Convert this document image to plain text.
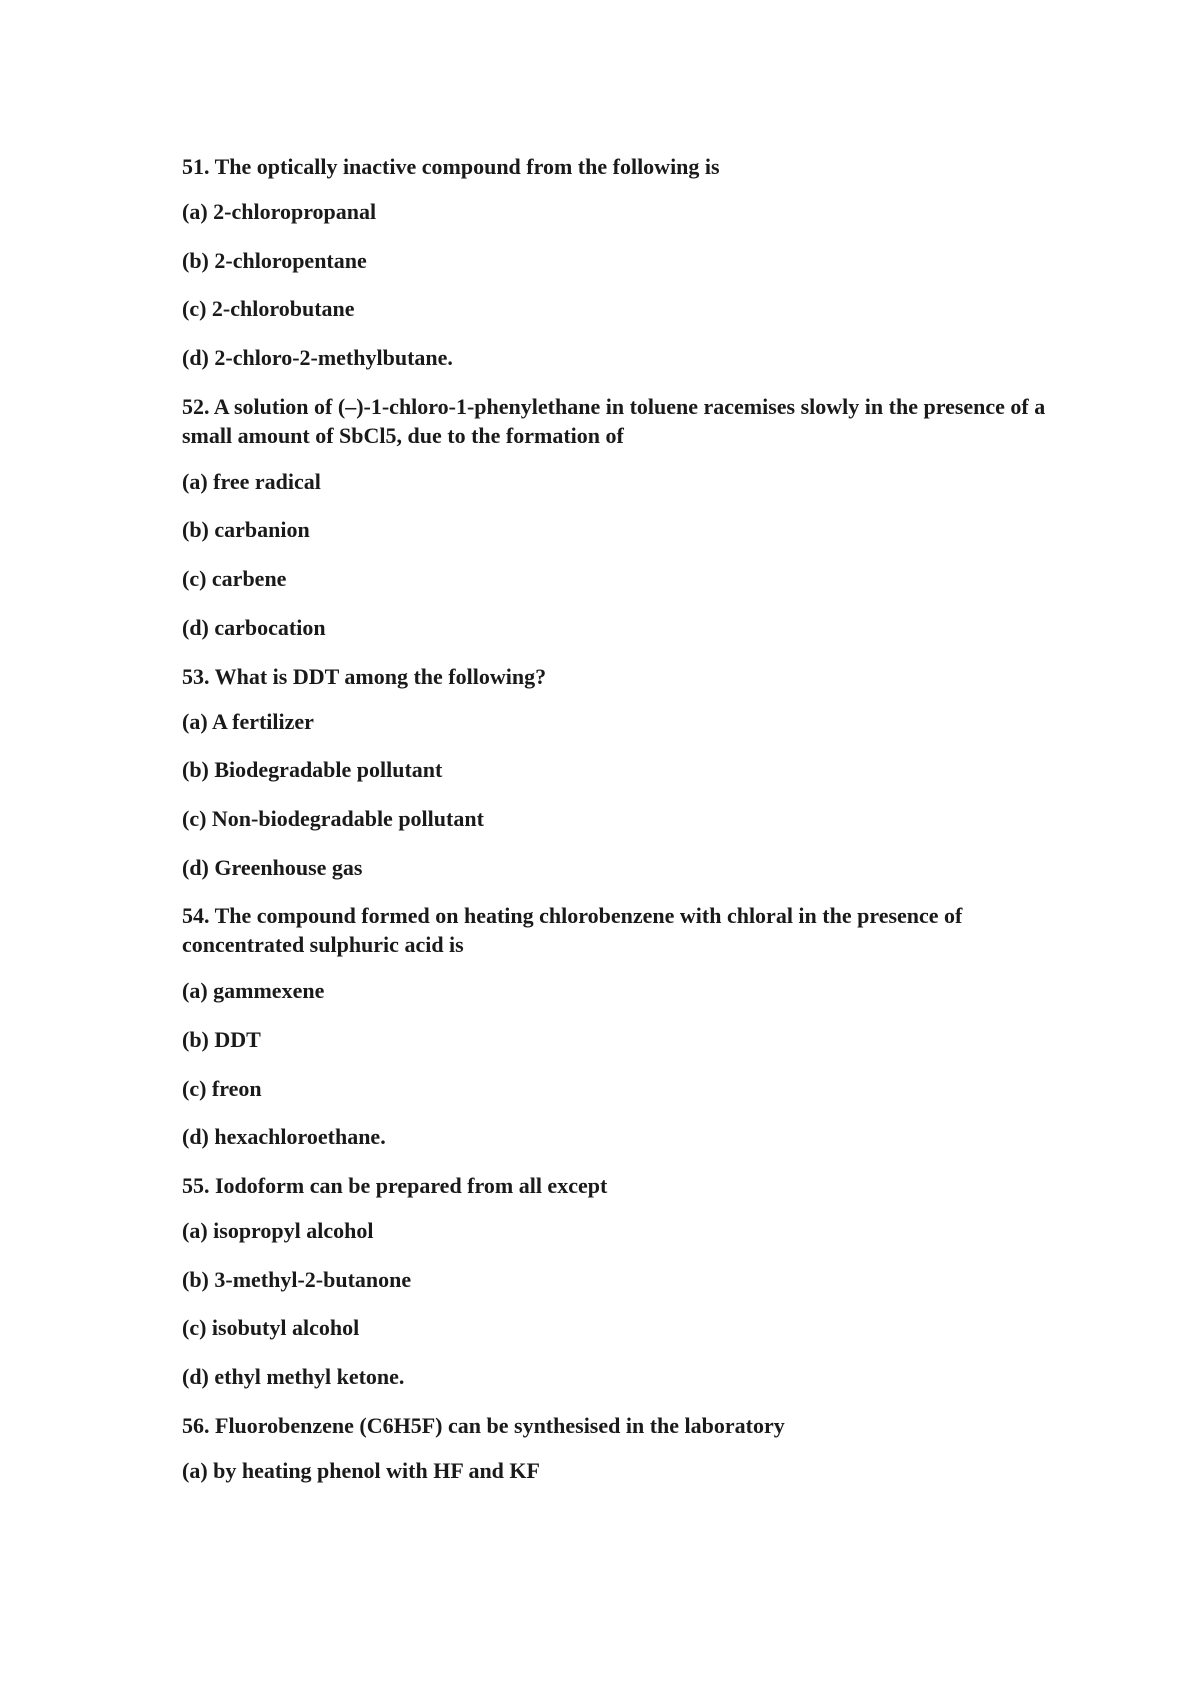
51. The optically inactive compound from the following is

(a) 2-chloropropanal

(b) 2-chloropentane

(c) 2-chlorobutane

(d) 2-chloro-2-methylbutane.

52. A solution of (–)-1-chloro-1-phenylethane in toluene racemises slowly in the presence of a small amount of SbCl5, due to the formation of

(a) free radical

(b) carbanion

(c) carbene

(d) carbocation

53. What is DDT among the following?

(a) A fertilizer

(b) Biodegradable pollutant

(c) Non-biodegradable pollutant

(d) Greenhouse gas

54. The compound formed on heating chlorobenzene with chloral in the presence of concentrated sulphuric acid is

(a) gammexene

(b) DDT

(c) freon

(d) hexachloroethane.

55. Iodoform can be prepared from all except

(a) isopropyl alcohol

(b) 3-methyl-2-butanone

(c) isobutyl alcohol

(d) ethyl methyl ketone.

56. Fluorobenzene (C6H5F) can be synthesised in the laboratory

(a) by heating phenol with HF and KF
